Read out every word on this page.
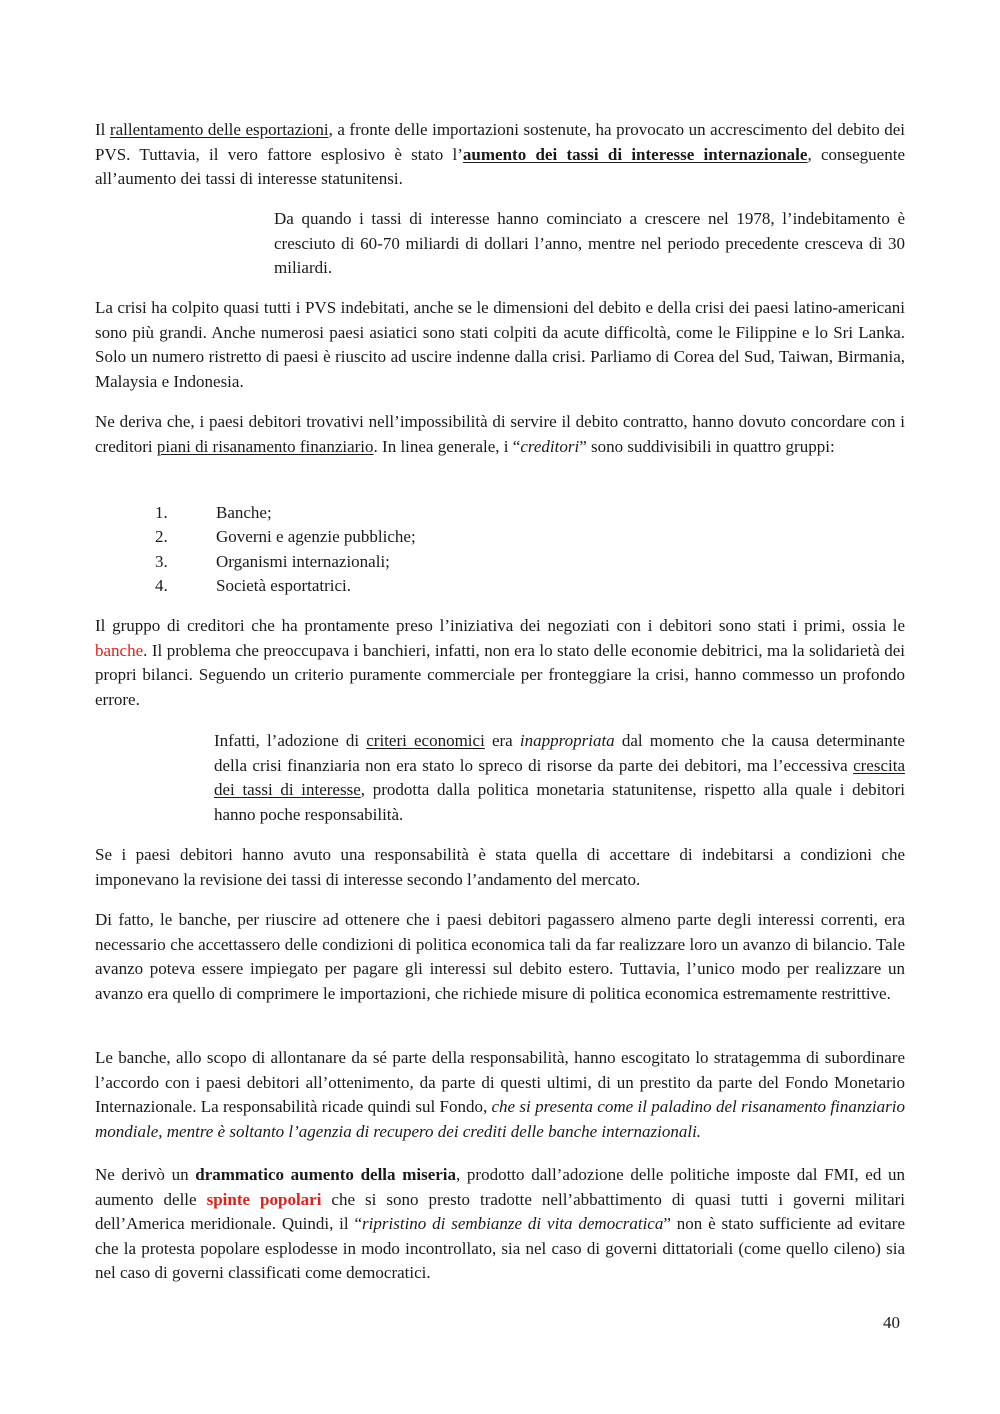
Il rallentamento delle esportazioni, a fronte delle importazioni sostenute, ha provocato un accrescimento del debito dei PVS. Tuttavia, il vero fattore esplosivo è stato l’aumento dei tassi di interesse internazionale, conseguente all’aumento dei tassi di interesse statunitensi.

Da quando i tassi di interesse hanno cominciato a crescere nel 1978, l’indebitamento è cresciuto di 60-70 miliardi di dollari l’anno, mentre nel periodo precedente cresceva di 30 miliardi.

La crisi ha colpito quasi tutti i PVS indebitati, anche se le dimensioni del debito e della crisi dei paesi latino-americani sono più grandi. Anche numerosi paesi asiatici sono stati colpiti da acute difficoltà, come le Filippine e lo Sri Lanka. Solo un numero ristretto di paesi è riuscito ad uscire indenne dalla crisi. Parliamo di Corea del Sud, Taiwan, Birmania, Malaysia e Indonesia.

Ne deriva che, i paesi debitori trovativi nell’impossibilità di servire il debito contratto, hanno dovuto concordare con i creditori piani di risanamento finanziario. In linea generale, i “creditori” sono suddivisibili in quattro gruppi:

1.	Banche;
2.	Governi e agenzie pubbliche;
3.	Organismi internazionali;
4.	Società esportatrici.

Il gruppo di creditori che ha prontamente preso l’iniziativa dei negoziati con i debitori sono stati i primi, ossia le banche. Il problema che preoccupava i banchieri, infatti, non era lo stato delle economie debitrici, ma la solidarietà dei propri bilanci. Seguendo un criterio puramente commerciale per fronteggiare la crisi, hanno commesso un profondo errore.

Infatti, l’adozione di criteri economici era inappropriata dal momento che la causa determinante della crisi finanziaria non era stato lo spreco di risorse da parte dei debitori, ma l’eccessiva crescita dei tassi di interesse, prodotta dalla politica monetaria statunitense, rispetto alla quale i debitori hanno poche responsabilità.

Se i paesi debitori hanno avuto una responsabilità è stata quella di accettare di indebitarsi a condizioni che imponevano la revisione dei tassi di interesse secondo l’andamento del mercato.

Di fatto, le banche, per riuscire ad ottenere che i paesi debitori pagassero almeno parte degli interessi correnti, era necessario che accettassero delle condizioni di politica economica tali da far realizzare loro un avanzo di bilancio. Tale avanzo poteva essere impiegato per pagare gli interessi sul debito estero. Tuttavia, l’unico modo per realizzare un avanzo era quello di comprimere le importazioni, che richiede misure di politica economica estremamente restrittive.

Le banche, allo scopo di allontanare da sé parte della responsabilità, hanno escogitato lo stratagemma di subordinare l’accordo con i paesi debitori all’ottenimento, da parte di questi ultimi, di un prestito da parte del Fondo Monetario Internazionale. La responsabilità ricade quindi sul Fondo, che si presenta come il paladino del risanamento finanziario mondiale, mentre è soltanto l’agenzia di recupero dei crediti delle banche internazionali.

Ne derivò un drammatico aumento della miseria, prodotto dall’adozione delle politiche imposte dal FMI, ed un aumento delle spinte popolari che si sono presto tradotte nell’abbattimento di quasi tutti i governi militari dell’America meridionale. Quindi, il “ripristino di sembianze di vita democratica” non è stato sufficiente ad evitare che la protesta popolare esplodesse in modo incontrollato, sia nel caso di governi dittatoriali (come quello cileno) sia nel caso di governi classificati come democratici.

40
